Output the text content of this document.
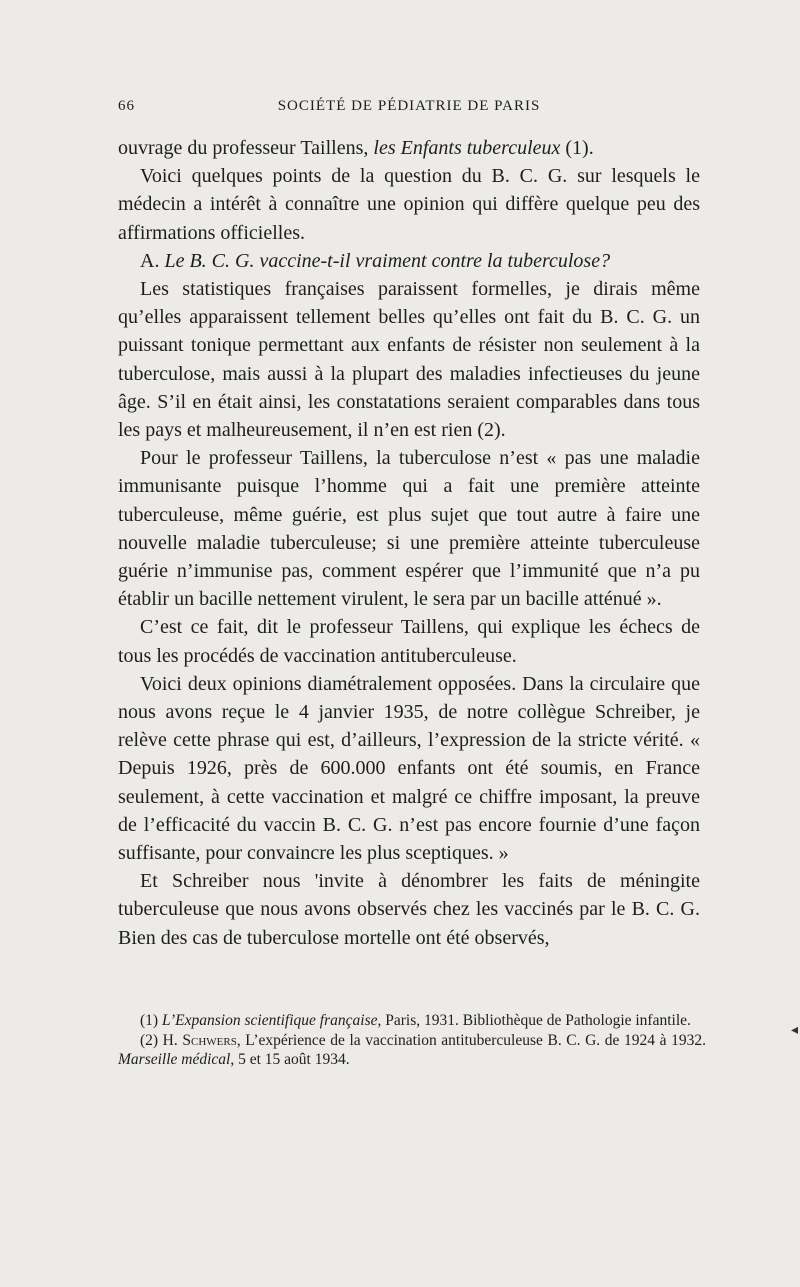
66	SOCIÉTÉ DE PÉDIATRIE DE PARIS

ouvrage du professeur Taillens, les Enfants tuberculeux (1).

Voici quelques points de la question du B. C. G. sur lesquels le médecin a intérêt à connaître une opinion qui diffère quelque peu des affirmations officielles.

A. Le B. C. G. vaccine-t-il vraiment contre la tuberculose?

Les statistiques françaises paraissent formelles, je dirais même qu’elles apparaissent tellement belles qu’elles ont fait du B. C. G. un puissant tonique permettant aux enfants de résister non seulement à la tuberculose, mais aussi à la plupart des maladies infectieuses du jeune âge. S’il en était ainsi, les constatations seraient comparables dans tous les pays et malheureusement, il n’en est rien (2).

Pour le professeur Taillens, la tuberculose n’est « pas une maladie immunisante puisque l’homme qui a fait une première atteinte tuberculeuse, même guérie, est plus sujet que tout autre à faire une nouvelle maladie tuberculeuse; si une première atteinte tuberculeuse guérie n’immunise pas, comment espérer que l’immunité que n’a pu établir un bacille nettement virulent, le sera par un bacille atténué ».

C’est ce fait, dit le professeur Taillens, qui explique les échecs de tous les procédés de vaccination antituberculeuse.

Voici deux opinions diamétralement opposées. Dans la circulaire que nous avons reçue le 4 janvier 1935, de notre collègue Schreiber, je relève cette phrase qui est, d’ailleurs, l’expression de la stricte vérité. « Depuis 1926, près de 600.000 enfants ont été soumis, en France seulement, à cette vaccination et malgré ce chiffre imposant, la preuve de l’efficacité du vaccin B. C. G. n’est pas encore fournie d’une façon suffisante, pour convaincre les plus sceptiques. »

Et Schreiber nous 'invite à dénombrer les faits de méningite tuberculeuse que nous avons observés chez les vaccinés par le B. C. G. Bien des cas de tuberculose mortelle ont été observés,

(1) L’Expansion scientifique française, Paris, 1931. Bibliothèque de Pathologie infantile.

(2) H. Schwers, L’expérience de la vaccination antituberculeuse B. C. G. de 1924 à 1932. Marseille médical, 5 et 15 août 1934.

◂
